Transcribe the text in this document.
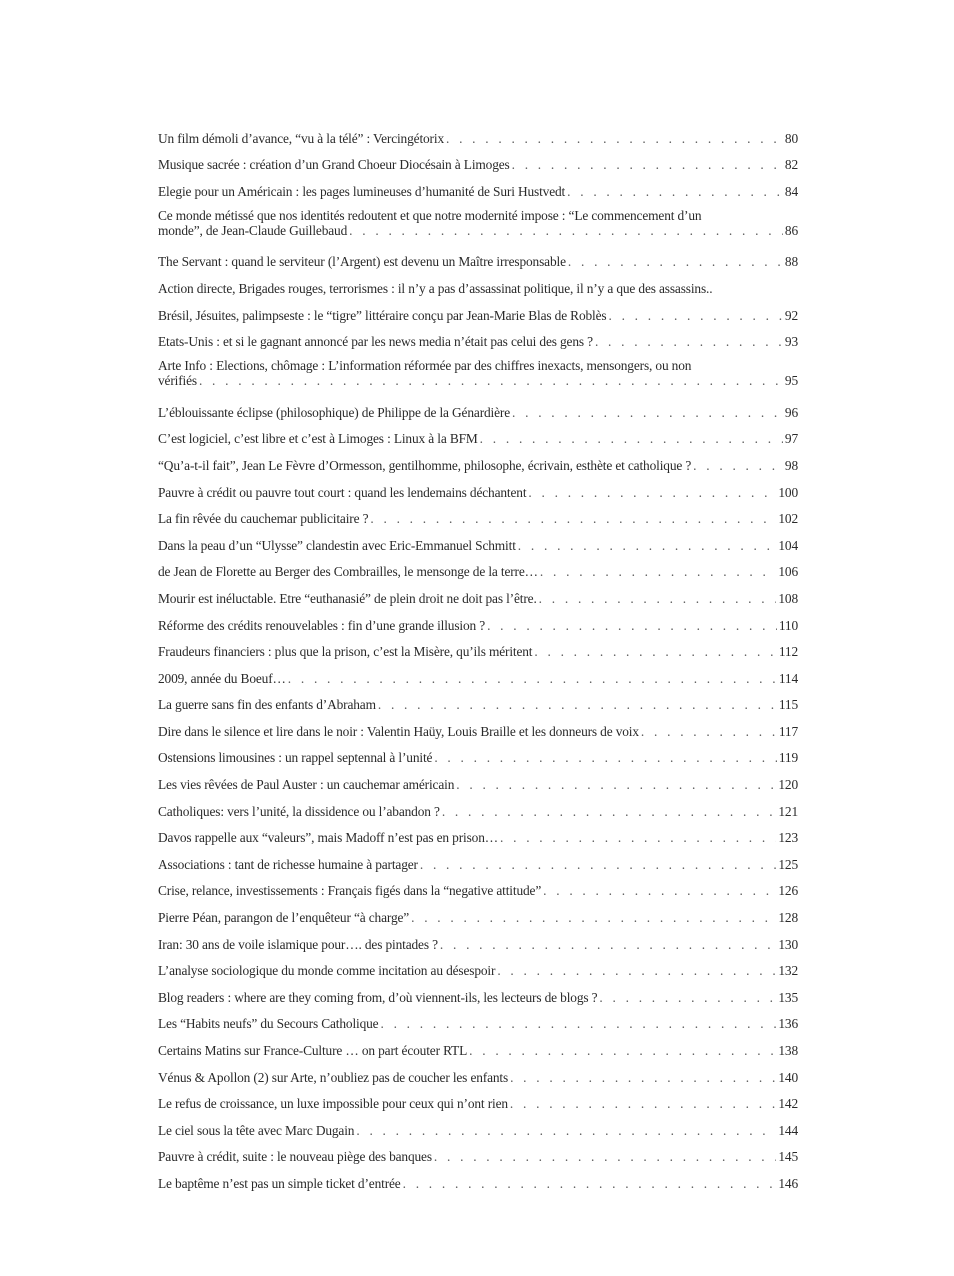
Un film démoli d’avance, “vu à la télé” : Vercingétorix . . .	80
Musique sacrée : création d’un Grand Choeur Diocésain à Limoges . . .	82
Elegie pour un Américain : les pages lumineuses d’humanité de Suri Hustvedt . . .	84
Ce monde métissé que nos identités redoutent et que notre modernité impose : “Le commencement d’un
monde”, de Jean-Claude Guillebaud . . .	86
The Servant : quand le serviteur (l’Argent) est devenu un Maître irresponsable . . .	88
Action directe, Brigades rouges, terrorismes : il n’y a pas d’assassinat politique, il n’y a que des assassins..
Brésil, Jésuites, palimpseste : le “tigre” littéraire conçu par Jean-Marie Blas de Roblès . . .	92
Etats-Unis : et si le gagnant annoncé par les news media n’était pas celui des gens ? . . .	93
Arte Info : Elections, chômage : L’information réformée par des chiffres inexacts, mensongers, ou non
vérifiés . . .	95
L’éblouissante éclipse (philosophique) de Philippe de la Génardière . . .	96
C’est logiciel, c’est libre et c’est à Limoges : Linux à la BFM . . .	97
“Qu’a-t-il fait”, Jean Le Fèvre d’Ormesson, gentilhomme, philosophe, écrivain, esthète et catholique ? . . .	98
Pauvre à crédit ou pauvre tout court : quand les lendemains déchantent . . .	100
La fin rêvée du cauchemar publicitaire ? . . .	102
Dans la peau d’un “Ulysse” clandestin avec Eric-Emmanuel Schmitt . . .	104
de Jean de Florette au Berger des Combrailles, le mensonge de la terre… . . .	106
Mourir est inéluctable. Etre “euthanasié” de plein droit ne doit pas l’être. . . .	108
Réforme des crédits renouvelables : fin d’une grande illusion ? . . .	110
Fraudeurs financiers : plus que la prison, c’est la Misère, qu’ils méritent . . .	112
2009, année du Boeuf… . . .	114
La guerre sans fin des enfants d’Abraham . . .	115
Dire dans le silence et lire dans le noir : Valentin Haüy, Louis Braille et les donneurs de voix . . .	117
Ostensions limousines : un rappel septennal à l’unité . . .	119
Les vies rêvées de Paul Auster : un cauchemar américain . . .	120
Catholiques: vers l’unité, la dissidence ou l’abandon ? . . .	121
Davos rappelle aux “valeurs”, mais Madoff n’est pas en prison… . . .	123
Associations : tant de richesse humaine à partager . . .	125
Crise, relance, investissements : Français figés dans la “negative attitude” . . .	126
Pierre Péan, parangon de l’enquêteur “à charge” . . .	128
Iran: 30 ans de voile islamique pour…. des pintades ? . . .	130
L’analyse sociologique du monde comme incitation au désespoir . . .	132
Blog readers : where are they coming from, d’où viennent-ils, les lecteurs de blogs ? . . .	135
Les “Habits neufs” du Secours Catholique . . .	136
Certains Matins sur France-Culture … on part écouter RTL . . .	138
Vénus & Apollon (2) sur Arte, n’oubliez pas de coucher les enfants . . .	140
Le refus de croissance, un luxe impossible pour ceux qui n’ont rien . . .	142
Le ciel sous la tête avec Marc Dugain . . .	144
Pauvre à crédit, suite : le nouveau piège des banques . . .	145
Le baptême n’est pas un simple ticket d’entrée . . .	146
